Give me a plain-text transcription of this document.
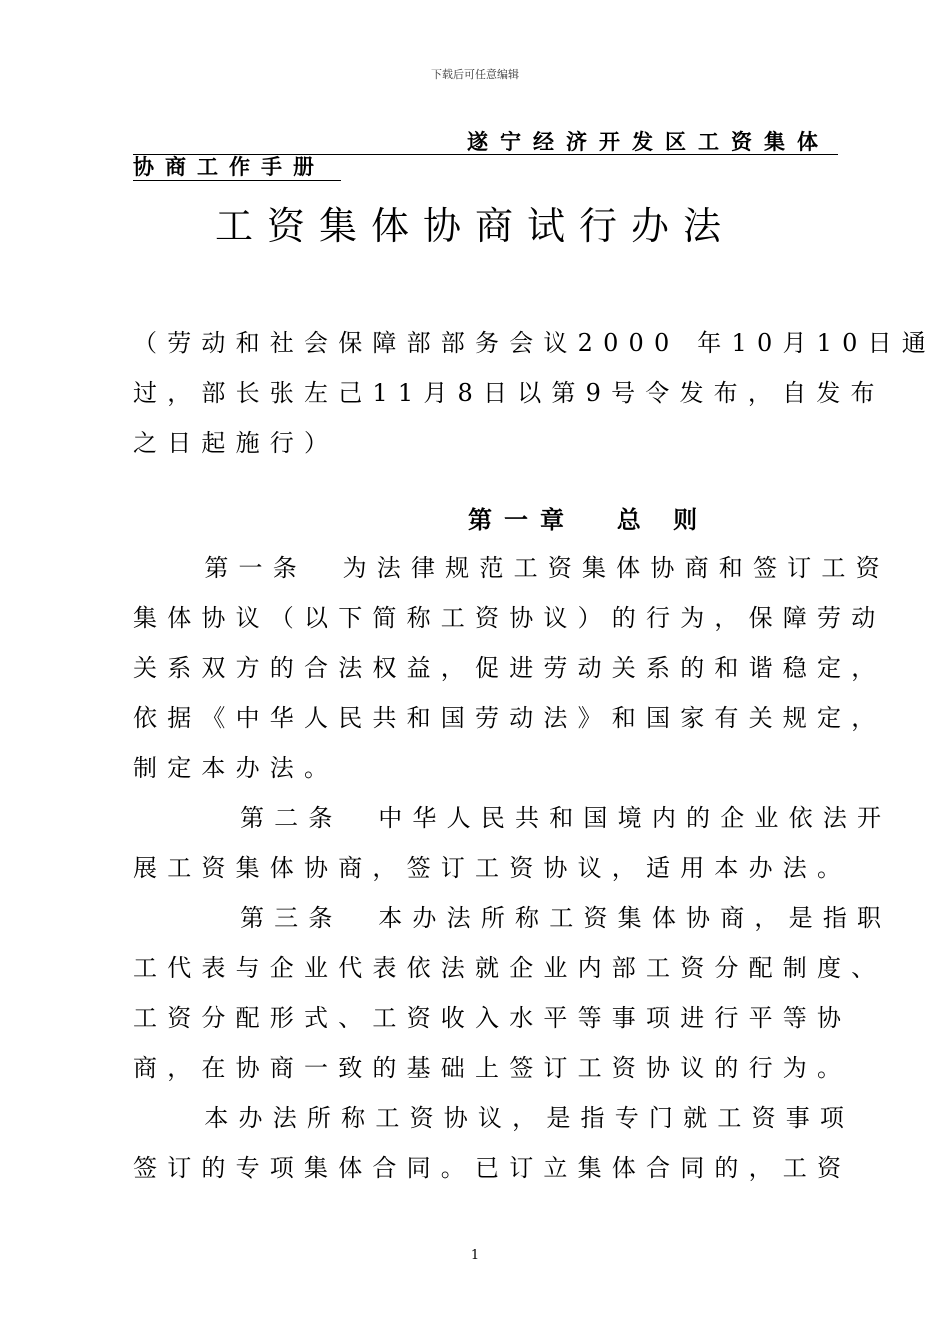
下载后可任意编辑
遂宁经济开发区工资集体
协商工作手册
工资集体协商试行办法
（劳动和社会保障部部务会议2000 年10月10日通
过，部长张左己11月8日以第9号令发布，自发布
之日起施行）
第一章  总 则
第一条  为法律规范工资集体协商和签订工资
集体协议（以下简称工资协议）的行为，保障劳动
关系双方的合法权益，促进劳动关系的和谐稳定，
依据《中华人民共和国劳动法》和国家有关规定，
制定本办法。
第二条  中华人民共和国境内的企业依法开
展工资集体协商，签订工资协议，适用本办法。
第三条  本办法所称工资集体协商，是指职
工代表与企业代表依法就企业内部工资分配制度、
工资分配形式、工资收入水平等事项进行平等协
商，在协商一致的基础上签订工资协议的行为。
本办法所称工资协议，是指专门就工资事项
签订的专项集体合同。已订立集体合同的，工资
1
